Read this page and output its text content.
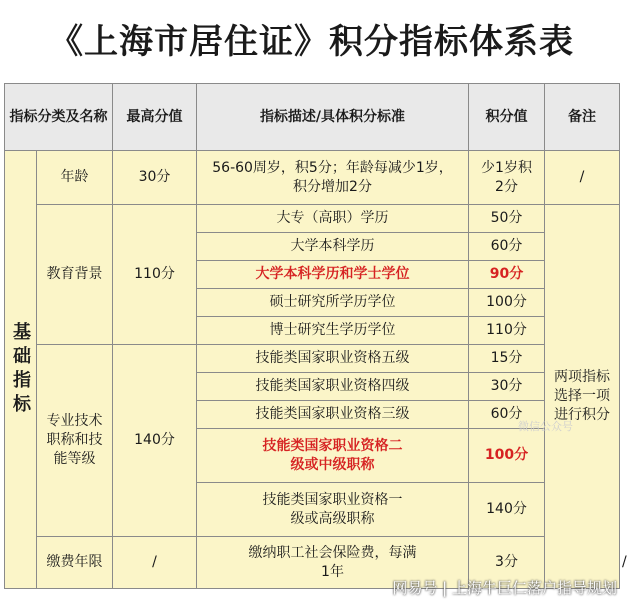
《上海市居住证》积分指标体系表
指标分类及名称		最高分值	指标描述/具体积分标准	积分值	备注	

基础指标	年龄	30分	56-60周岁，积5分；年龄每减少1岁，积分增加2分	少1岁积2分	/	
	教育背景	110分	大专（高职）学历	50分	两项指标选择一项进行积分	
			大学本科学历	60分		
			大学本科学历和学士学位	90分		
			硕士研究所学历学位	100分		
			博士研究生学历学位	110分		
	专业技术职称和技能等级	140分	技能类国家职业资格五级	15分		
			技能类国家职业资格四级	30分		
			技能类国家职业资格三级	60分		
			技能类国家职业资格二级或中级职称	100分		
			技能类国家职业资格一级或高级职称	140分		
	缴费年限	/	缴纳职工社会保险费，每满1年	3分		/
微信公众号
网易号 | 上海牛巨仁落户指导规划
